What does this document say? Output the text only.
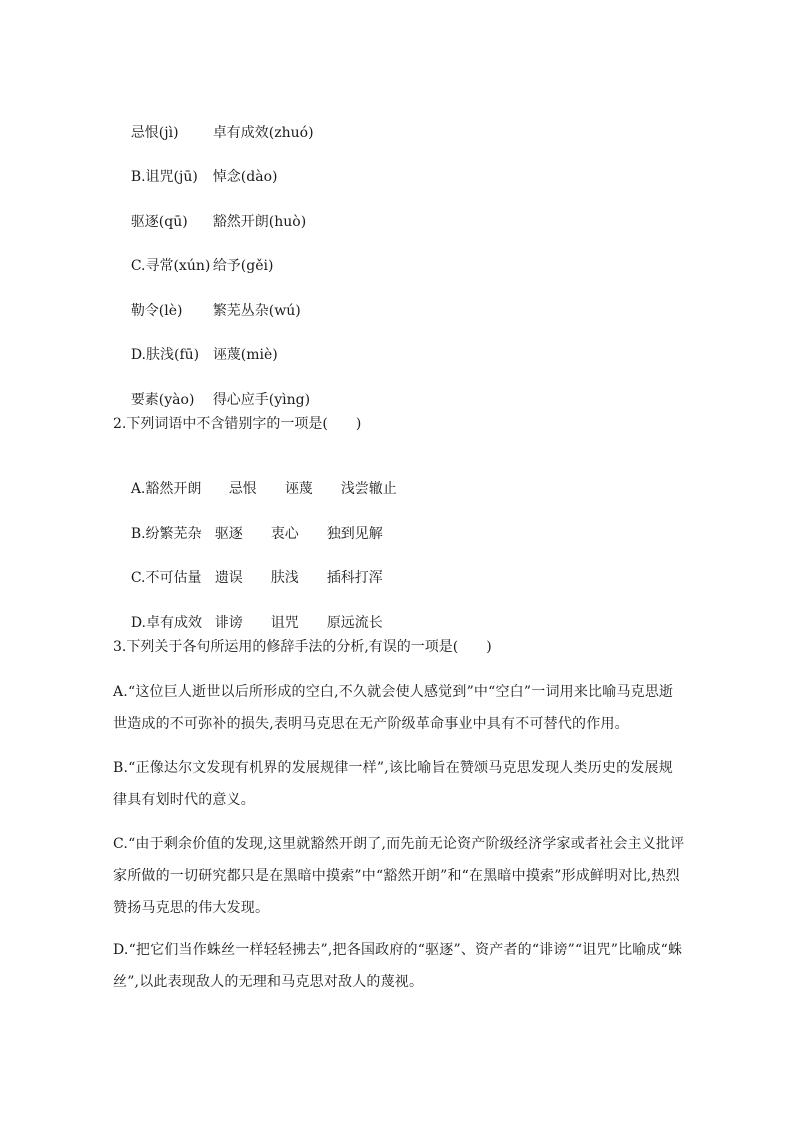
忌恨(jì) 卓有成效(zhuó)

B.诅咒(jū) 悼念(dào)

驱逐(qū) 豁然开朗(huò)

C.寻常(xún) 给予(gěi)

勒令(lè) 繁芜丛杂(wú)

D.肤浅(fū) 诬蔑(miè)

要素(yào) 得心应手(yìng)

2.下列词语中不含错别字的一项是(　　)

A.豁然开朗 忌恨 诬蔑 浅尝辙止

B.纷繁芜杂 驱逐 衷心 独到见解

C.不可估量 遗误 肤浅 插科打浑

D.卓有成效 诽谤 诅咒 原远流长

3.下列关于各句所运用的修辞手法的分析,有误的一项是(　　)
A.“这位巨人逝世以后所形成的空白,不久就会使人感觉到”中“空白”一词用来比喻马克思逝世造成的不可弥补的损失,表明马克思在无产阶级革命事业中具有不可替代的作用。
B.“正像达尔文发现有机界的发展规律一样”,该比喻旨在赞颂马克思发现人类历史的发展规律具有划时代的意义。
C.“由于剩余价值的发现,这里就豁然开朗了,而先前无论资产阶级经济学家或者社会主义批评家所做的一切研究都只是在黑暗中摸索”中“豁然开朗”和“在黑暗中摸索”形成鲜明对比,热烈赞扬马克思的伟大发现。
D.“把它们当作蛛丝一样轻轻拂去”,把各国政府的“驱逐”、资产者的“诽谤”“诅咒”比喻成“蛛丝”,以此表现敌人的无理和马克思对敌人的蔑视。
